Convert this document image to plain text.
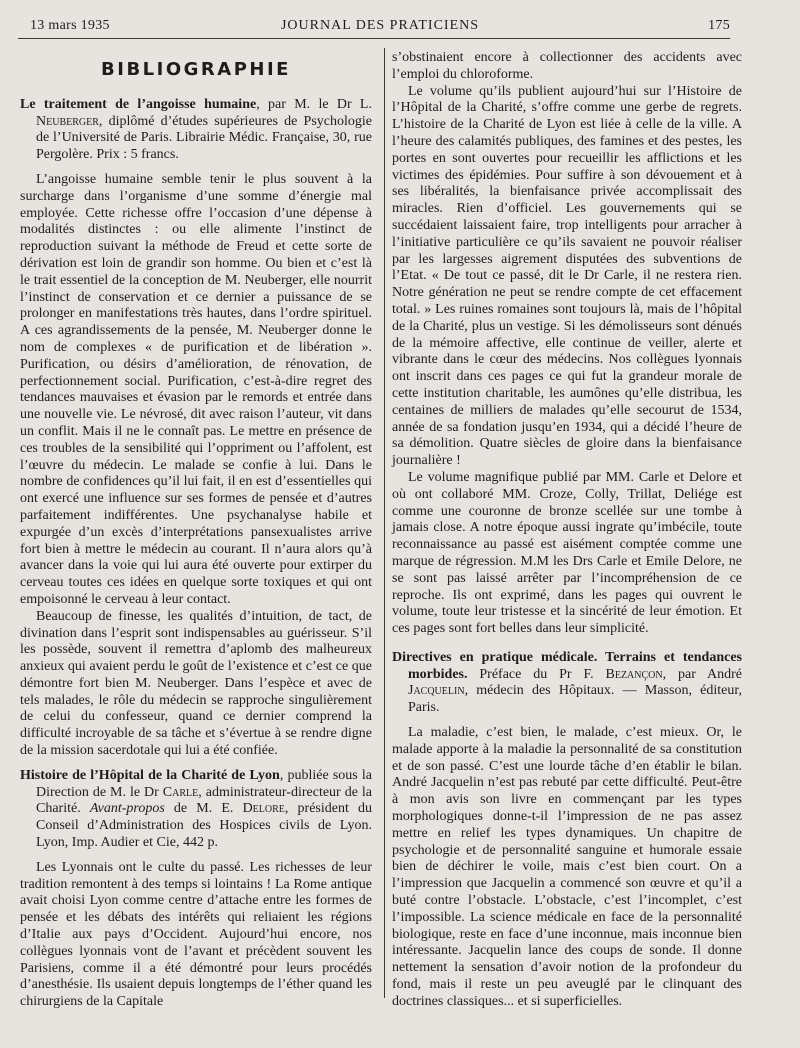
13 mars 1935	JOURNAL DES PRATICIENS	175
BIBLIOGRAPHIE
Le traitement de l’angoisse humaine, par M. le Dr L. Neuberger, diplômé d’études supérieures de Psychologie de l’Université de Paris. Librairie Médic. Française, 30, rue Pergolère. Prix : 5 francs.

L’angoisse humaine semble tenir le plus souvent à la surcharge dans l’organisme d’une somme d’énergie mal employée. Cette richesse offre l’occasion d’une dépense à modalités distinctes : ou elle alimente l’instinct de reproduction suivant la méthode de Freud et cette sorte de dérivation est loin de grandir son homme. Ou bien et c’est là le trait essentiel de la conception de M. Neuberger, elle nourrit l’instinct de conservation et ce dernier a puissance de se prolonger en manifestations très hautes, dans l’ordre spirituel. A ces agrandissements de la pensée, M. Neuberger donne le nom de complexes « de purification et de libération ». Purification, ou désirs d’amélioration, de rénovation, de perfectionnement social. Purification, c’est-à-dire regret des tendances mauvaises et évasion par le remords et entrée dans une nouvelle vie. Le névrosé, dit avec raison l’auteur, vit dans un conflit. Mais il ne le connaît pas. Le mettre en présence de ces troubles de la sensibilité qui l’oppriment ou l’affolent, est l’œuvre du médecin. Le malade se confie à lui. Dans le nombre de confidences qu’il lui fait, il en est d’essentielles qui ont exercé une influence sur ses formes de pensée et d’autres parfaitement indifférentes. Une psychanalyse habile et expurgée d’un excès d’interprétations pansexualistes arrive fort bien à mettre le médecin au courant. Il n’aura alors qu’à avancer dans la voie qui lui aura été ouverte pour extirper du cerveau toutes ces idées en quelque sorte toxiques et qui ont empoisonné le cerveau à leur contact.

Beaucoup de finesse, les qualités d’intuition, de tact, de divination dans l’esprit sont indispensables au guérisseur. S’il les possède, souvent il remettra d’aplomb des malheureux anxieux qui avaient perdu le goût de l’existence et c’est ce que démontre fort bien M. Neuberger. Dans l’espèce et avec de tels malades, le rôle du médecin se rapproche singulièrement de celui du confesseur, quand ce dernier comprend la difficulté incroyable de sa tâche et s’évertue à se rendre digne de la mission sacerdotale qui lui a été confiée.

Histoire de l’Hôpital de la Charité de Lyon, publiée sous la Direction de M. le Dr Carle, administrateur-directeur de la Charité. Avant-propos de M. E. Delore, président du Conseil d’Administration des Hospices civils de Lyon. Lyon, Imp. Audier et Cie, 442 p.

Les Lyonnais ont le culte du passé. Les richesses de leur tradition remontent à des temps si lointains ! La Rome antique avait choisi Lyon comme centre d’attache entre les formes de pensée et les débats des intérêts qui reliaient les régions d’Italie aux pays d’Occident. Aujourd’hui encore, nos collègues lyonnais vont de l’avant et précèdent souvent les Parisiens, comme il a été démontré pour leurs procédés d’anesthésie. Ils usaient depuis longtemps de l’éther quand les chirurgiens de la Capitale

s’obstinaient encore à collectionner des accidents avec l’emploi du chloroforme.

Le volume qu’ils publient aujourd’hui sur l’Histoire de l’Hôpital de la Charité, s’offre comme une gerbe de regrets. L’histoire de la Charité de Lyon est liée à celle de la ville. A l’heure des calamités publiques, des famines et des pestes, les portes en sont ouvertes pour recueillir les afflictions et les victimes des épidémies. Pour suffire à son dévouement et à ses libéralités, la bienfaisance privée accomplissait des miracles. Rien d’officiel. Les gouvernements qui se succédaient laissaient faire, trop intelligents pour arracher à l’initiative particulière ce qu’ils savaient ne pouvoir réaliser par les largesses aigrement disputées des subventions de l’Etat. « De tout ce passé, dit le Dr Carle, il ne restera rien. Notre génération ne peut se rendre compte de cet effacement total. » Les ruines romaines sont toujours là, mais de l’hôpital de la Charité, plus un vestige. Si les démolisseurs sont dénués de la mémoire affective, elle continue de veiller, alerte et vibrante dans le cœur des médecins. Nos collègues lyonnais ont inscrit dans ces pages ce qui fut la grandeur morale de cette institution charitable, les aumônes qu’elle distribua, les centaines de milliers de malades qu’elle secourut de 1534, année de sa fondation jusqu’en 1934, qui a décidé l’heure de sa démolition. Quatre siècles de gloire dans la bienfaisance journalière !

Le volume magnifique publié par MM. Carle et Delore et où ont collaboré MM. Croze, Colly, Trillat, Deliége est comme une couronne de bronze scellée sur une tombe à jamais close. A notre époque aussi ingrate qu’imbécile, toute reconnaissance au passé est aisément comptée comme une marque de régression. M.M les Drs Carle et Emile Delore, ne se sont pas laissé arrêter par l’incompréhension de ce reproche. Ils ont exprimé, dans les pages qui ouvrent le volume, toute leur tristesse et la sincérité de leur émotion. Et ces pages sont fort belles dans leur simplicité.

Directives en pratique médicale. Terrains et tendances morbides. Préface du Pr F. Bezançon, par André Jacquelin, médecin des Hôpitaux. — Masson, éditeur, Paris.

La maladie, c’est bien, le malade, c’est mieux. Or, le malade apporte à la maladie la personnalité de sa constitution et de son passé. C’est une lourde tâche d’en établir le bilan. André Jacquelin n’est pas rebuté par cette difficulté. Peut-être à mon avis son livre en commençant par les types morphologiques donne-t-il l’impression de ne pas assez mettre en relief les types dynamiques. Un chapitre de psychologie et de personnalité sanguine et humorale essaie bien de déchirer le voile, mais c’est bien court. On a l’impression que Jacquelin a commencé son œuvre et qu’il a buté contre l’obstacle. L’obstacle, c’est l’incomplet, c’est l’impossible. La science médicale en face de la personnalité biologique, reste en face d’une inconnue, mais inconnue bien intéressante. Jacquelin lance des coups de sonde. Il donne nettement la sensation d’avoir notion de la profondeur du fond, mais il reste un peu aveuglé par le clinquant des doctrines classiques... et si superficielles.
